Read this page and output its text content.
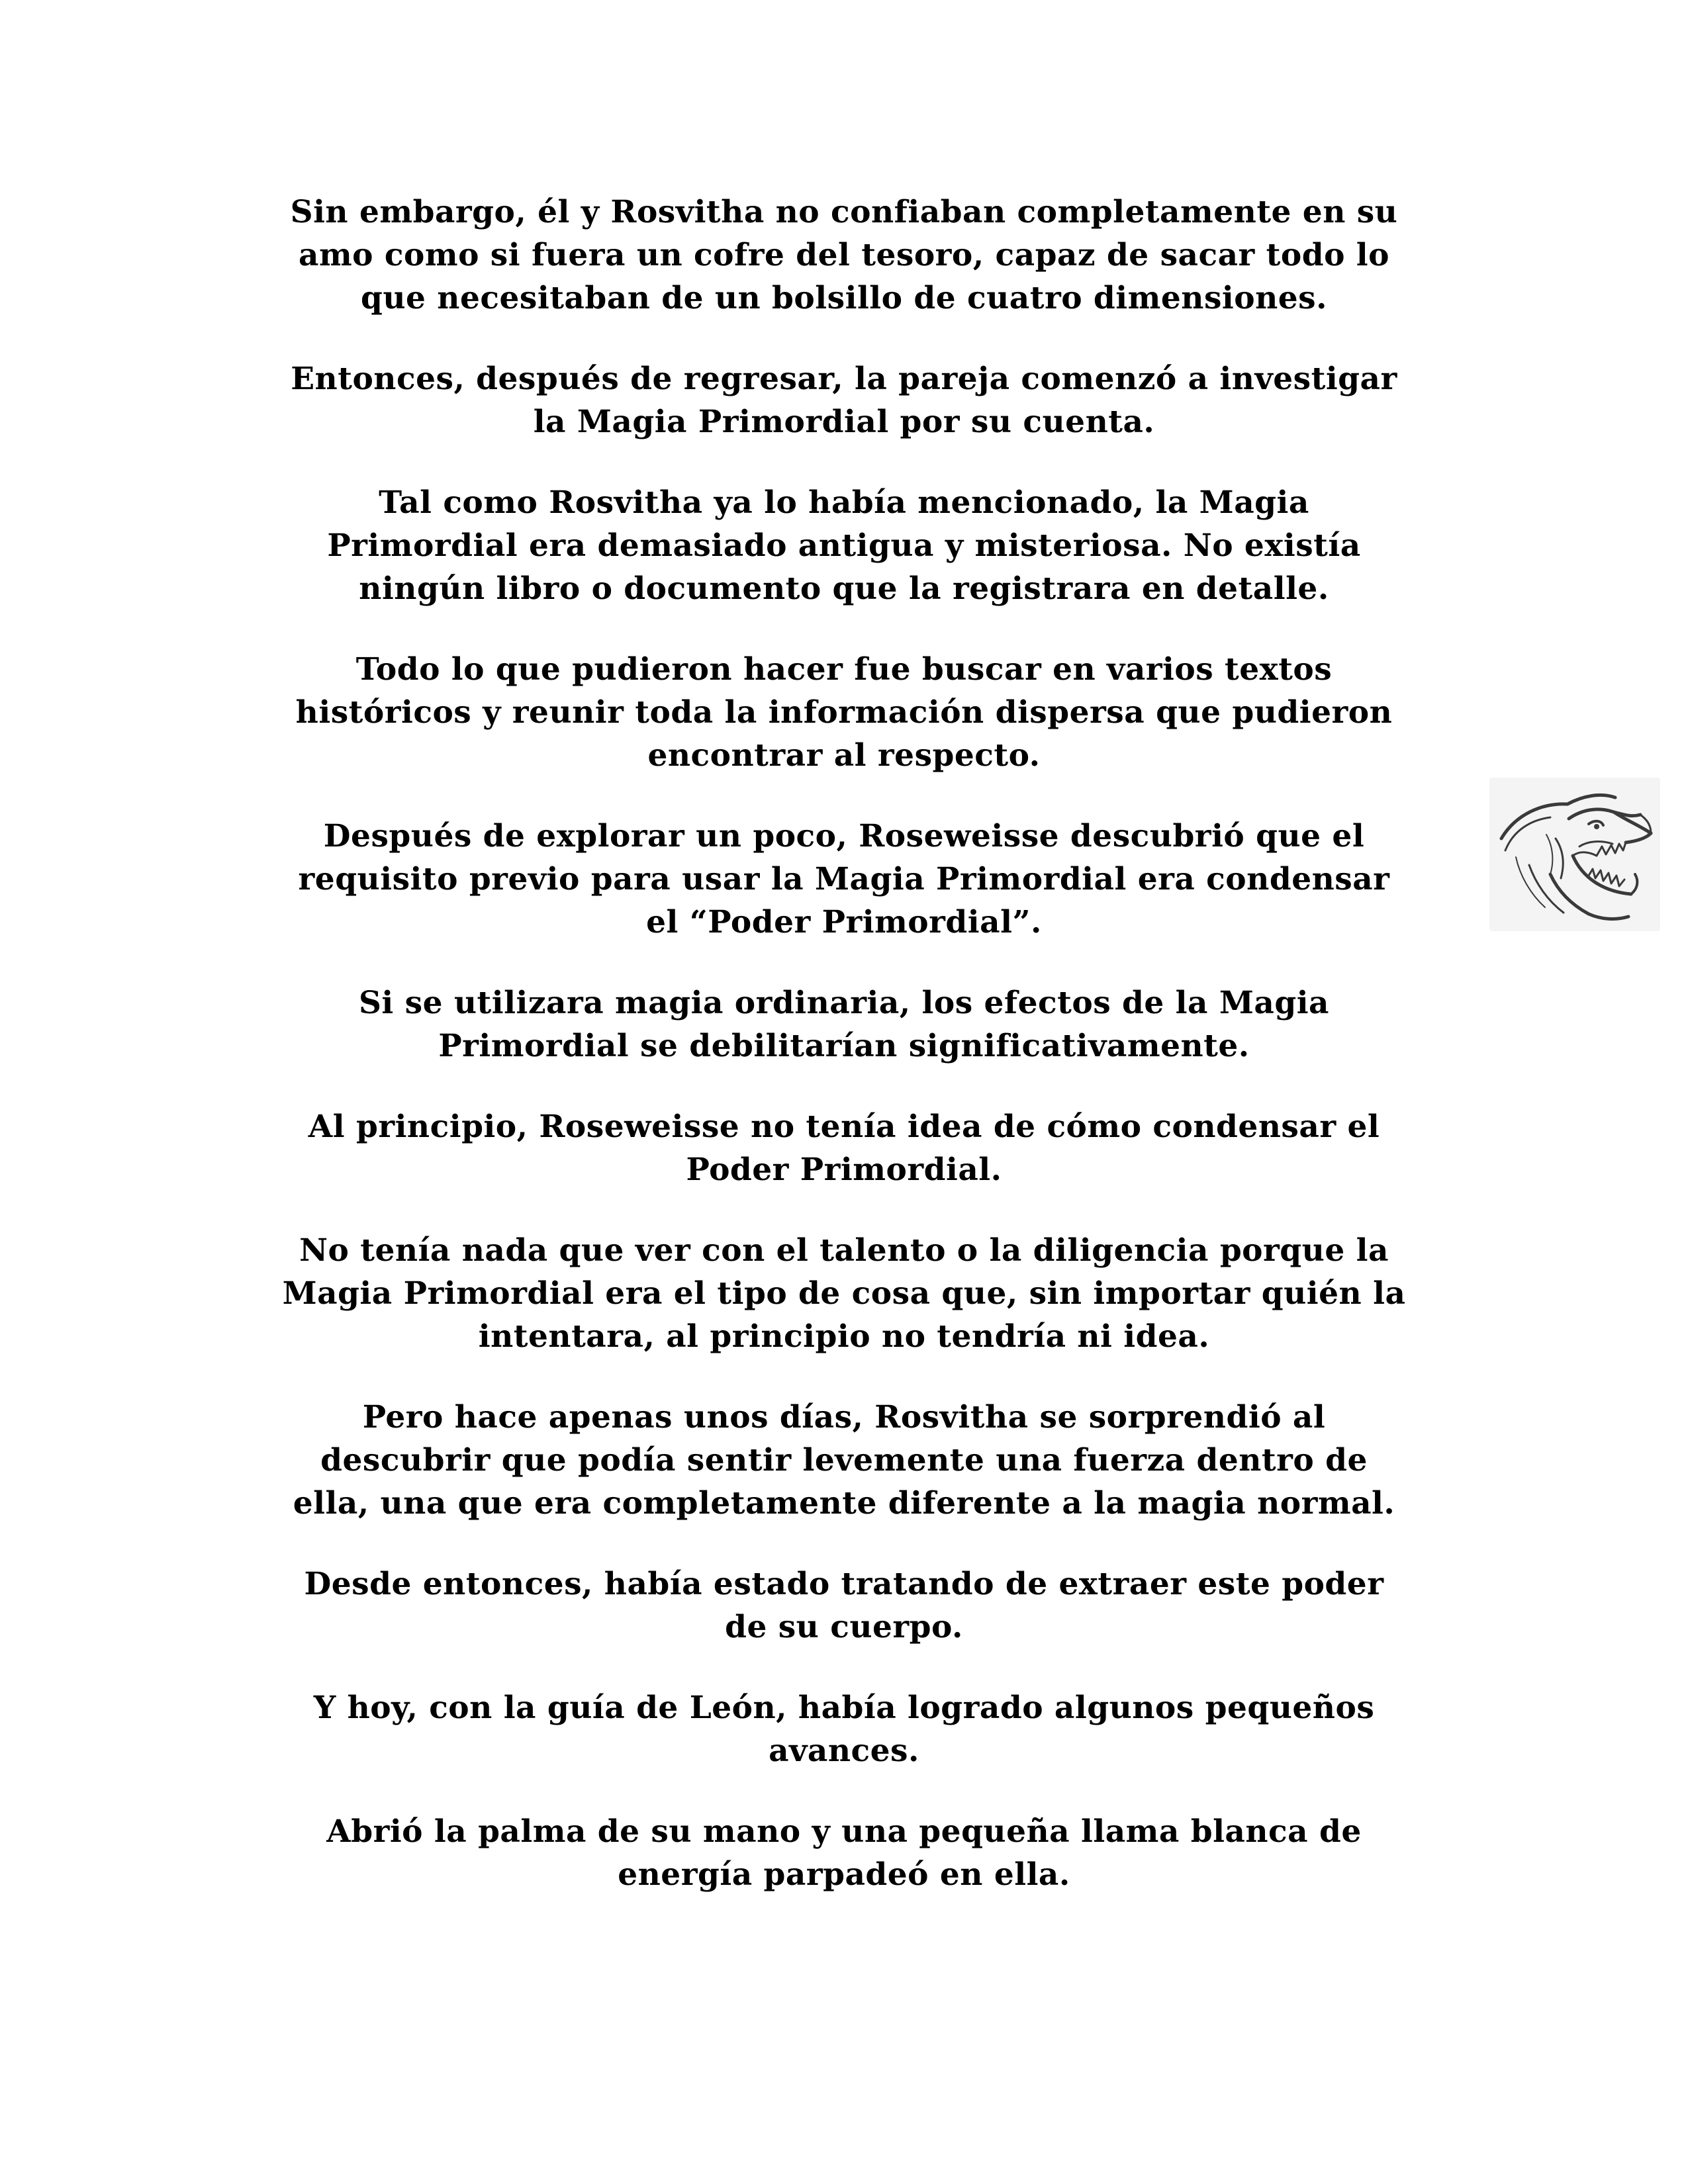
Sin embargo, él y Rosvitha no confiaban completamente en su
amo como si fuera un cofre del tesoro, capaz de sacar todo lo
que necesitaban de un bolsillo de cuatro dimensiones.

Entonces, después de regresar, la pareja comenzó a investigar
la Magia Primordial por su cuenta.

Tal como Rosvitha ya lo había mencionado, la Magia
Primordial era demasiado antigua y misteriosa. No existía
ningún libro o documento que la registrara en detalle.

Todo lo que pudieron hacer fue buscar en varios textos
históricos y reunir toda la información dispersa que pudieron
encontrar al respecto.

Después de explorar un poco, Roseweisse descubrió que el
requisito previo para usar la Magia Primordial era condensar
el “Poder Primordial”.

Si se utilizara magia ordinaria, los efectos de la Magia
Primordial se debilitarían significativamente.

Al principio, Roseweisse no tenía idea de cómo condensar el
Poder Primordial.

No tenía nada que ver con el talento o la diligencia porque la
Magia Primordial era el tipo de cosa que, sin importar quién la
intentara, al principio no tendría ni idea.

Pero hace apenas unos días, Rosvitha se sorprendió al
descubrir que podía sentir levemente una fuerza dentro de
ella, una que era completamente diferente a la magia normal.

Desde entonces, había estado tratando de extraer este poder
de su cuerpo.

Y hoy, con la guía de León, había logrado algunos pequeños
avances.

Abrió la palma de su mano y una pequeña llama blanca de
energía parpadeó en ella.
